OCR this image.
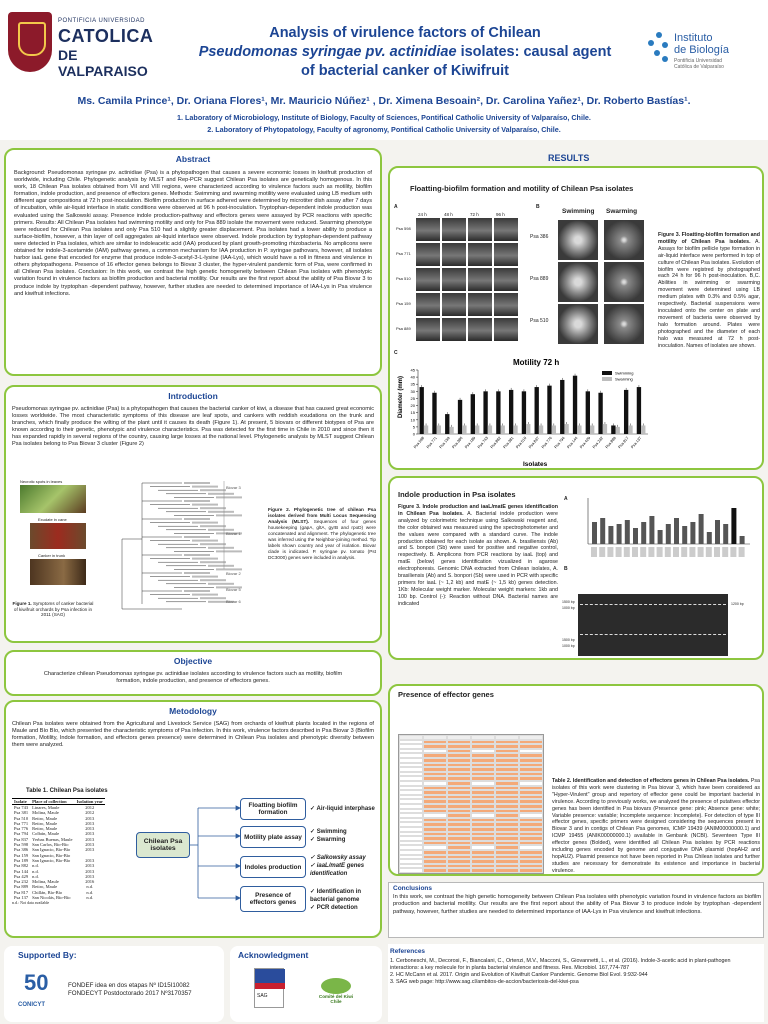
PONTIFICIA UNIVERSIDAD
CATOLICA
DE VALPARAISO
Analysis of virulence factors of Chilean
Pseudomonas syringae pv. actinidiae isolates: causal agent
of bacterial canker of Kiwifruit
Instituto
de Biología
Pontificia Universidad
Católica de Valparaíso
Ms. Camila Prince¹, Dr. Oriana Flores¹, Mr. Mauricio Núñez¹ , Dr. Ximena Besoain², Dr. Carolina Yañez¹, Dr. Roberto Bastías¹.
1. Laboratory of Microbiology, Institute of Biology, Faculty of Sciences, Pontifical Catholic University of Valparaíso, Chile.
2. Laboratory of Phytopatology, Faculty of agronomy, Pontifical Catholic University of Valparaíso, Chile.
Abstract
Background: Pseudomonas syringae pv. actinidiae (Psa) is a phytopathogen that causes a severe economic losses in kiwifruit production of worldwide, including Chile. Phylogenetic analysis by MLST and Rep-PCR suggest Chilean Psa isolates are genetically homogenous. In this work, 18 Chilean Psa isolates obtained from VII and VIII regions, were characterized according to virulence factors such as motility, biofilm formation, indole production, and presence of effectors genes. Methods: Swimming and swarming motility were evaluated using LB medium with different agar compositions at 72 h post-inoculation. Biofilm production in surface adhered were determined by microtiter dish assay after 7 days of incubation, while air-liquid interface in static conditions were observed at 96 h post-inoculation. Tryptophan-dependent indole production was evaluated using the Salkowski assay. Presence indole production-pathway and effectors genes were assayed by PCR reactions with specific primers. Results: All Chilean Psa isolates had swimming motility and only for Psa 889 isolate the movement were reduced. Swarming phenotype were reduced for Chilean Psa isolates and only Psa 510 had a slightly greater displacement. Psa isolates had a lower ability to produce a surface-biofilm, however, a thin layer of cell aggregates air-liquid interface were observed. Indole production by tryptophan-dependent pathway were detected in Psa isolates, which are similar to indoleacetic acid (IAA) produced by plant growth-promoting rhizobacteria. No amplicons were obtained for indole-3-acetamide (IAM) pathway genes, a common mechanism for IAA production in P. syringae pathovars, however, all isolates harbor iaaL gene that encoded for enzyme that produce indole-3-acetyl-3-L-lysine (IAA-Lys), which would have a roll in fitness and virulence in others phytopathogens. Presence of 16 effector genes belongs to Biovar 3 cluster, the hyper-virulent pandemic form of Psa, were confirmed in all Chilean Psa isolates. Conclusion: In this work, we contrast the high genetic homogeneity between Chilean Psa isolates with phenotypic variation found in virulence factors as biofilm production and bacterial motility. Our results are the first report about the ability of Psa Biovar 3 to produce indole by tryptophan -dependent pathway, however, further studies are needed to determined importance of IAA-Lys in Psa virulence and kiwifruit infections.
Introduction
Pseudomonas syringae pv. actinidiae (Psa) is a phytopathogen that causes the bacterial canker of kiwi, a disease that has caused great economic losses worldwide. The most characteristic symptoms of this disease are leaf spots, and cankers with reddish exudations on the trunk and branches, which finally produce the wilting of the plant until it causes its death (Figure 1). At present, 5 biovars or different biotypes of Psa are known according to their genetic, phenotypic and virulence characteristics. Psa was detected for the first time in Chile in 2010 and since then it has expanded rapidly in several regions of the country, causing large losses at the national level. Phylogenetic analysis by MLST suggest Chilean Psa isolates belong to Psa Biovar 3 cluster (Figure 2)
Necrotic spots in leaves
Exudate in cane
Canker in trunk
Figure 1. Symptoms of canker bacterial of kiwifruit orchards by Psa infection in 2011 (SAG)
Biovar 3
Biovar 1
Biovar 2
Biovar 5
Biovar 6
Figure 2. Phylogenetic tree of chilean Psa isolates derived from Multi Locus Sequencing Analysis (MLST). Sequences of four genes housekeeping (gapA, gltA, gyrB and rpoD) were concatenated and alignment. The phylogenetic tree was inferred using the Neighbor-joining method. Tip labels shown country and year of isolation. Biovar clade is indicated. P. syringae pv. tomato (Pst DC3000) genes were included in analysis.
Objective
Characterize chilean Pseudomonas syringae pv. actinidiae isolates according to virulence factors such as motility, biofilm formation, indole production, and presence of effectors genes.
Metodology
Chilean Psa isolates were obtained from the Agricultural and Livestock Service (SAG) from orchards of kiwifruit plants located in the regions of Maule and Bío Bío, which presented the characteristic symptoms of Psa infection. In this work, virulence factors described in Psa Biovar 3 (Biofilm formation, Motility, Indole formation, and effectors genes presence) were determined in Chilean Psa isolates and phenotypic diversity between them were analyzed.
Table 1. Chilean Psa isolates
Isolate	Place of collection	Isolation year
Psa 743	Linares, Maule	2012
Psa 381	Molina, Maule	2012
Psa 510	Retiro, Maule	2013
Psa 771	Retiro, Maule	2013
Psa 776	Retiro, Maule	2013
Psa 794	Colbún, Maule	2013
Psa 837	Yerbas Buenas, Maule	2013
Psa 598	San Carlos, Bío-Bío	2013
Psa 386	San Ignacio, Bío-Bío	2013
Psa 159	San Ignacio, Bío-Bío	
Psa 189	San Ignacio, Bío-Bío	2013
Psa 882	n.d.	2013
Psa 144	n.d.	2013
Psa 429	n.d.	2013
Psa 232	Molina, Maule	2016
Psa 889	Retiro, Maule	n.d.
Psa 817	Chillán, Bío-Bío	n.d.
Psa 137	San Nicolás, Bío-Bío	n.d.
n.d.: Not data available
Chilean Psa isolates
Floatting biofilm formation
Motility plate assay
Indoles production
Presence of effectors genes
✓ Air-liquid interphase
✓ Swimming
✓ Swarming
✓ Salkowsky assay
✓ iaaL/matE genes identification
✓ Identification in bacterial genome
✓ PCR detection
RESULTS
Floatting-biofilm formation and motility of Chilean Psa isolates
A
24 h	48 h	72 h	96 h
Psa 598
Psa 771
Psa 510
Psa 159
Psa 889
B
Swimming Swarming
Psa 386
Psa 889
Psa 510
C
Motility 72 h
0
5
10
15
20
25
30
35
40
45
Diameter (mm)
Isolates
Psa 598 Psa 771 Psa 159 Psa 386 Psa 189 Psa 743 Psa 882 Psa 381 Psa 510 Psa 837 Psa 776 Psa 794 Psa 144 Psa 429 Psa 232 Psa 889 Psa 817 Psa 137
Swimming
Swarming
Figure 3. Floatting-biofilm formation and motility of Chilean Psa isolates. A. Assays for biofilm pellicle type formation in air-liquid interface were performed in top of culture of Chilean Psa isolates. Evolution of biofilm were registred by photographed each 24 h for 96 h post-inoculation. B,C. Abilities in swimming or swarming movement were determined using LB medium plates with 0.3% and 0.5% agar, respectively. Bacterial suspensions were inoculated onto the center on plate and movement of bacteria were observed by halo formation around. Plates were photographed and the diameter of each halo was measured at 72 h post-inoculation. Names of isolates are shown.
Indole production in Psa isolates
Figure 3. Indole production and iaaL/matE genes identification in Chilean Psa isolates. A. Bacterial indole production were analyzed by colorimetric technique using Salkowski reagent and, the color obtained was measured using the spectrophotometer and the values were compared with a standard curve. The indole production obtained for each isolate as shown. A. brasiliensis (Ab) and S. bonpori (Sb) were used for positive and negative control, respectively. B. Amplicons from PCR reactions by iaaL (top) and matE (below) genes identification vizualized in agarose electrophoresis. Genomic DNA extracted from Chilean isolates, A. brasiliensis (Ab) and S. bonpori (Sb) were used in PCR with specific primers for iaaL (~ 1,2 kb) and matE (~ 1,5 kb) genes detection. 1Kb: Molecular weight marker. Molecular weight markers: 1kb and 100 bp. Control (-): Reaction without DNA. Bacterial names are indicated
A
B
1500 bp
1000 bp
1500 bp
1000 bp
1200 bp
Presence of effector genes
Table 2. Identification and detection of effectors genes in Chilean Psa isolates. Psa isolates of this work were clustering in Psa biovar 3, which have been considered as "Hyper-Virulent" group and repertory of effector gene could be important bacterial in virulence. According to previously works, we analyzed the presence of putatives effector genes has been identified in Psa biovars (Presence gene: pink; Absence gene: white; Variable presence: variable; Incomplete sequence: Incomplete). For detection of type III effector genes, specific primers were designed considering the sequences present in Biovar 3 and in contigs of Chilean Psa genomes, ICMP 19439 (ANIM00000000.1) and ICMP 19455 (ANIK00000000.1) available in Genbank (NCBI). Seventeen Type III effector genes (Bolded), were identified all Chilean Psa isolates by PCR reactions including genes encoded by genome and conjugative DNA plasmid (hopAH2 and hopAU2). Plasmid presence not have been reported in Psa Chilean isolates and further studies are necessary for demonstrate its existence and importance in bacterial virulence.
Conclusions
In this work, we contrast the high genetic homogeneity between Chilean Psa isolates with phenotypic variation found in virulence factors as biofilm production and bacterial motility. Our results are the first report about the ability of Psa Biovar 3 to produce indole by tryptophan -dependent pathway, however, further studies are needed to determined importance of IAA-Lys in Psa virulence and kiwifruit infections.
Supported By:
50
CONICYT
FONDEF idea en dos etapas Nº ID15I10082
FONDECYT Postdoctorado 2017 Nº3170357
Acknowledgment
SAG	Comité del Kiwi
Chile
References
1. Cerboneschi, M., Decorosi, F., Biancalani, C., Ortenzi, M.V., Macconi, S., Giovannetti, L., et al. (2016). Indole-3-acetic acid in plant-pathogen interactions: a key molecule for in planta bacterial virulence and fitness. Res. Microbiol. 167,774-787
2. HC McCann et al. 2017. Origin and Evolution of Kiwifruit Canker Pandemic. Genome Biol Evol. 9:932-944
3. SAG web page: http://www.sag.cl/ambitos-de-accion/bacteriosis-del-kiwi-psa
